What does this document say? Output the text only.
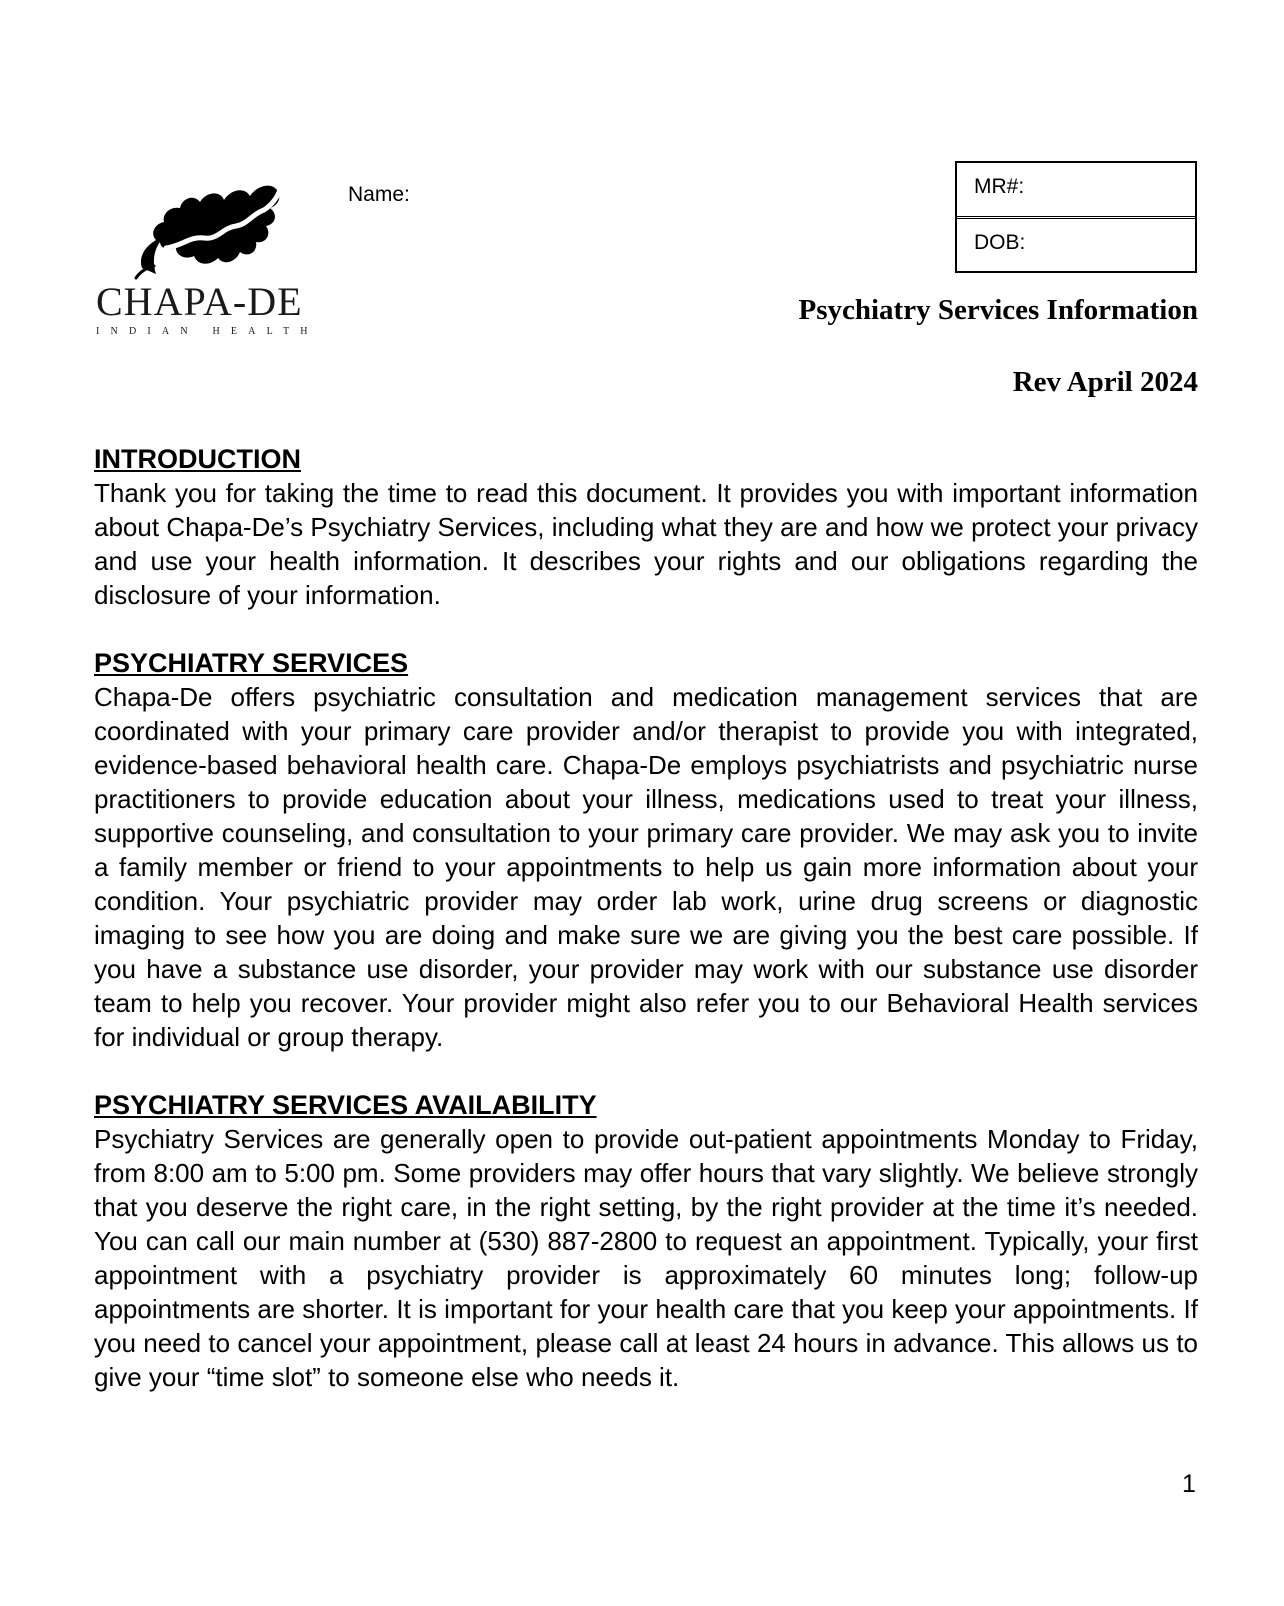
CHAPA-DE
INDIAN HEALTH
Name:	MR#:
DOB:
Psychiatry Services Information
Rev April 2024

INTRODUCTION

Thank you for taking the time to read this document. It provides you with important information about Chapa-De’s Psychiatry Services, including what they are and how we protect your privacy and use your health information. It describes your rights and our obligations regarding the disclosure of your information.

PSYCHIATRY SERVICES

Chapa-De offers psychiatric consultation and medication management services that are coordinated with your primary care provider and/or therapist to provide you with integrated, evidence-based behavioral health care. Chapa-De employs psychiatrists and psychiatric nurse practitioners to provide education about your illness, medications used to treat your illness, supportive counseling, and consultation to your primary care provider. We may ask you to invite a family member or friend to your appointments to help us gain more information about your condition. Your psychiatric provider may order lab work, urine drug screens or diagnostic imaging to see how you are doing and make sure we are giving you the best care possible. If you have a substance use disorder, your provider may work with our substance use disorder team to help you recover. Your provider might also refer you to our Behavioral Health services for individual or group therapy.

PSYCHIATRY SERVICES AVAILABILITY

Psychiatry Services are generally open to provide out-patient appointments Monday to Friday, from 8:00 am to 5:00 pm. Some providers may offer hours that vary slightly. We believe strongly that you deserve the right care, in the right setting, by the right provider at the time it’s needed. You can call our main number at (530) 887-2800 to request an appointment. Typically, your first appointment with a psychiatry provider is approximately 60 minutes long; follow-up appointments are shorter. It is important for your health care that you keep your appointments. If you need to cancel your appointment, please call at least 24 hours in advance. This allows us to give your “time slot” to someone else who needs it.

1
